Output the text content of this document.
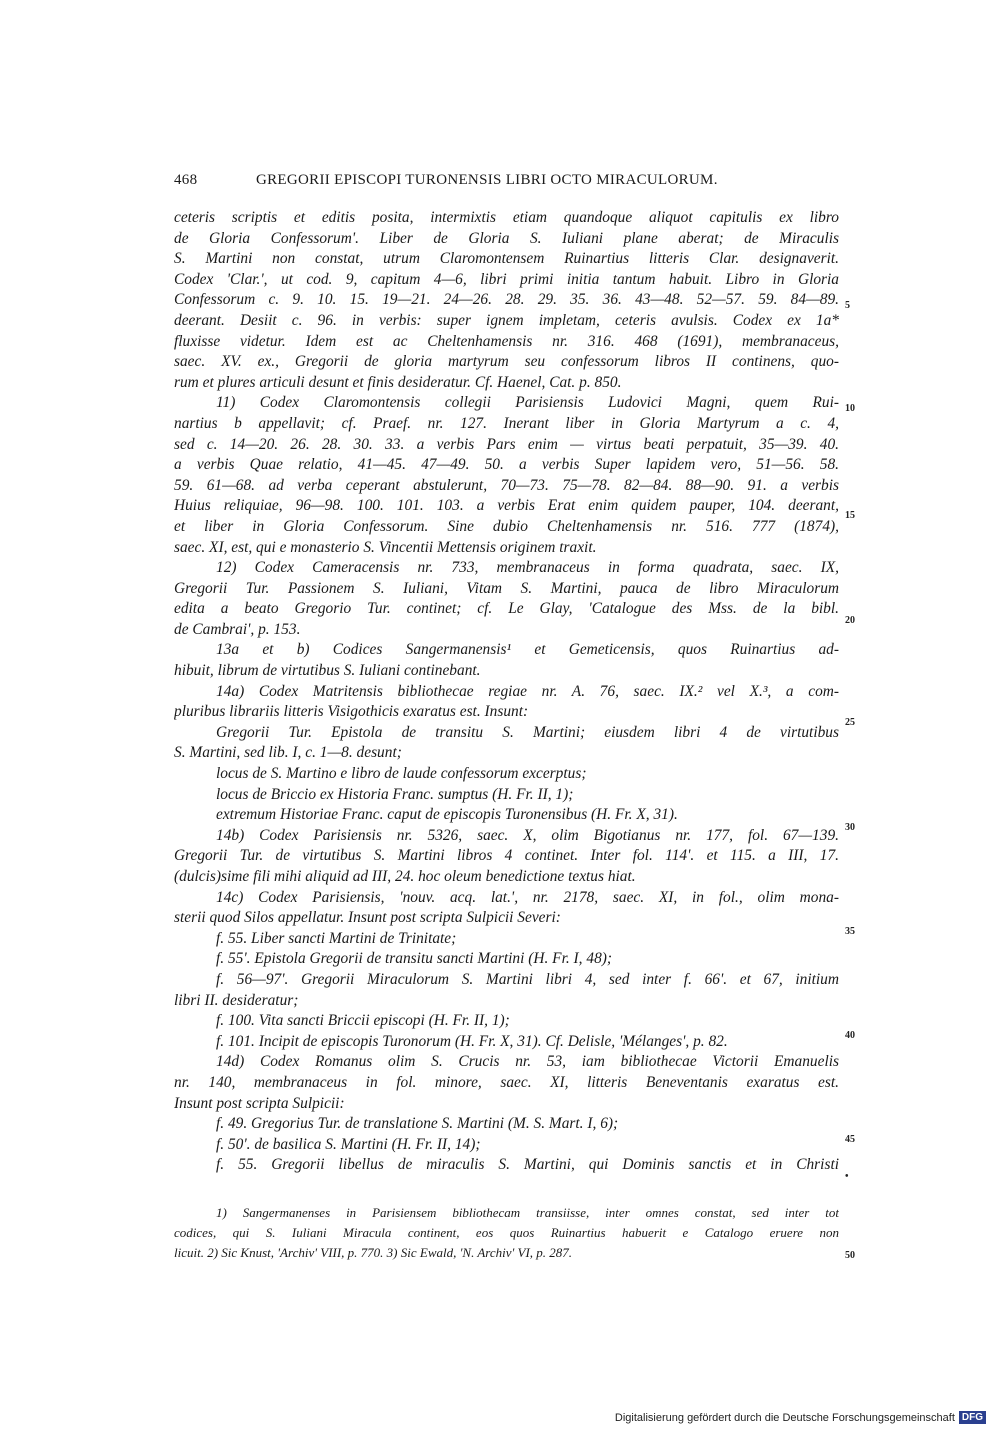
468	GREGORII EPISCOPI TURONENSIS LIBRI OCTO MIRACULORUM.
ceteris scriptis et editis posita, intermixtis etiam quandoque aliquot capitulis ex libro
de Gloria Confessorum'. Liber de Gloria S. Iuliani plane aberat; de Miraculis
S. Martini non constat, utrum Claromontensem Ruinartius litteris Clar. designaverit.
Codex 'Clar.', ut cod. 9, capitum 4—6, libri primi initia tantum habuit. Libro in Gloria
Confessorum c. 9. 10. 15. 19—21. 24—26. 28. 29. 35. 36. 43—48. 52—57. 59. 84—89.
deerant. Desiit c. 96. in verbis: super ignem impletam, ceteris avulsis. Codex ex 1a*
fluxisse videtur. Idem est ac Cheltenhamensis nr. 316. 468 (1691), membranaceus,
saec. XV. ex., Gregorii de gloria martyrum seu confessorum libros II continens, quo-
rum et plures articuli desunt et finis desideratur. Cf. Haenel, Cat. p. 850.
11) Codex Claromontensis collegii Parisiensis Ludovici Magni, quem Rui-
nartius b appellavit; cf. Praef. nr. 127. Inerant liber in Gloria Martyrum a c. 4,
sed c. 14—20. 26. 28. 30. 33. a verbis Pars enim — virtus beati perpatuit, 35—39. 40.
a verbis Quae relatio, 41—45. 47—49. 50. a verbis Super lapidem vero, 51—56. 58.
59. 61—68. ad verba ceperant abstulerunt, 70—73. 75—78. 82—84. 88—90. 91. a verbis
Huius reliquiae, 96—98. 100. 101. 103. a verbis Erat enim quidem pauper, 104. deerant,
et liber in Gloria Confessorum. Sine dubio Cheltenhamensis nr. 516. 777 (1874),
saec. XI, est, qui e monasterio S. Vincentii Mettensis originem traxit.
12) Codex Cameracensis nr. 733, membranaceus in forma quadrata, saec. IX,
Gregorii Tur. Passionem S. Iuliani, Vitam S. Martini, pauca de libro Miraculorum
edita a beato Gregorio Tur. continet; cf. Le Glay, 'Catalogue des Mss. de la bibl.
de Cambrai', p. 153.
13a et b) Codices Sangermanensis¹ et Gemeticensis, quos Ruinartius ad-
hibuit, librum de virtutibus S. Iuliani continebant.
14a) Codex Matritensis bibliothecae regiae nr. A. 76, saec. IX.² vel X.³, a com-
pluribus librariis litteris Visigothicis exaratus est. Insunt:
Gregorii Tur. Epistola de transitu S. Martini; eiusdem libri 4 de virtutibus
S. Martini, sed lib. I, c. 1—8. desunt;
locus de S. Martino e libro de laude confessorum excerptus;
locus de Briccio ex Historia Franc. sumptus (H. Fr. II, 1);
extremum Historiae Franc. caput de episcopis Turonensibus (H. Fr. X, 31).
14b) Codex Parisiensis nr. 5326, saec. X, olim Bigotianus nr. 177, fol. 67—139.
Gregorii Tur. de virtutibus S. Martini libros 4 continet. Inter fol. 114'. et 115. a III, 17.
(dulcis)sime fili mihi aliquid ad III, 24. hoc oleum benedictione textus hiat.
14c) Codex Parisiensis, 'nouv. acq. lat.', nr. 2178, saec. XI, in fol., olim mona-
sterii quod Silos appellatur. Insunt post scripta Sulpicii Severi:
f. 55. Liber sancti Martini de Trinitate;
f. 55'. Epistola Gregorii de transitu sancti Martini (H. Fr. I, 48);
f. 56—97'. Gregorii Miraculorum S. Martini libri 4, sed inter f. 66'. et 67, initium
libri II. desideratur;
f. 100. Vita sancti Briccii episcopi (H. Fr. II, 1);
f. 101. Incipit de episcopis Turonorum (H. Fr. X, 31). Cf. Delisle, 'Mélanges', p. 82.
14d) Codex Romanus olim S. Crucis nr. 53, iam bibliothecae Victorii Emanuelis
nr. 140, membranaceus in fol. minore, saec. XI, litteris Beneventanis exaratus est.
Insunt post scripta Sulpicii:
f. 49. Gregorius Tur. de translatione S. Martini (M. S. Mart. I, 6);
f. 50'. de basilica S. Martini (H. Fr. II, 14);
f. 55. Gregorii libellus de miraculis S. Martini, qui Dominis sanctis et in Christi
5
10
15
20
25
30
35
40
45
•
50
1) Sangermanenses in Parisiensem bibliothecam transiisse, inter omnes constat, sed inter tot
codices, qui S. Iuliani Miracula continent, eos quos Ruinartius habuerit e Catalogo eruere non
licuit. 2) Sic Knust, 'Archiv' VIII, p. 770. 3) Sic Ewald, 'N. Archiv' VI, p. 287.
Digitalisierung gefördert durch die Deutsche Forschungsgemeinschaft DFG
